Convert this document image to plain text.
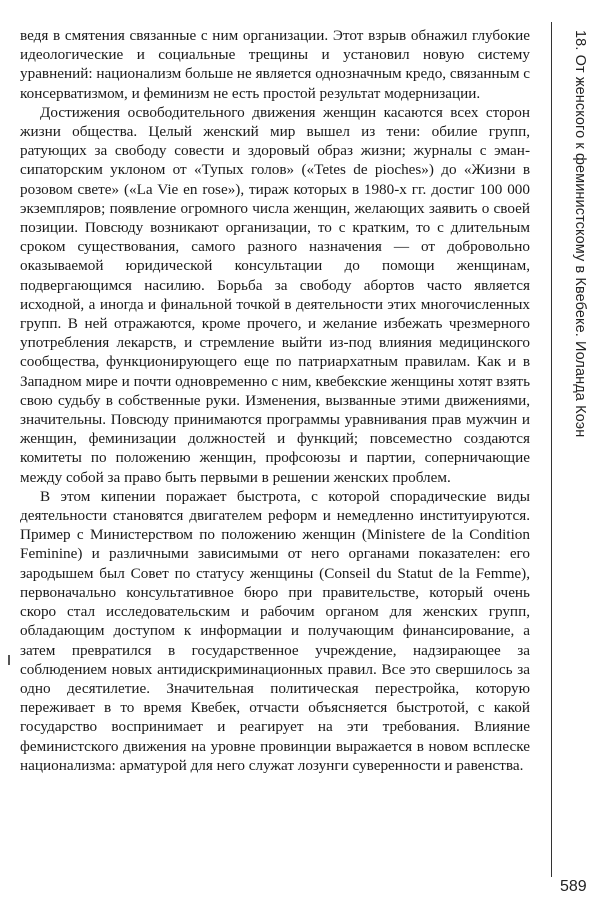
ведя в смятения связанные с ним организации. Этот взрыв обнажил глубокие идеологические и социальные трещины и установил новую систему уравнений: национализм больше не является однозначным кредо, связанным с консерватизмом, и феминизм не есть простой результат модернизации.

Достижения освободительного движения женщин касаются всех сторон жизни общества. Целый женский мир вышел из тени: обилие групп, ратующих за свободу совести и здоровый образ жизни; журналы с эмансипаторским уклоном от «Тупых голов» («Tetes de pioches») до «Жизни в розовом свете» («La Vie en rose»), тираж которых в 1980-х гг. достиг 100 000 экземпляров; появление огромного числа женщин, желающих заявить о своей позиции. Повсюду возникают организации, то с кратким, то с длительным сроком существования, самого разного назначения — от добровольно оказываемой юридической консультации до помощи женщинам, подвергающимся насилию. Борьба за свободу абортов часто является исходной, а иногда и финальной точкой в деятельности этих многочисленных групп. В ней отражаются, кроме прочего, и желание избежать чрезмерного употребления лекарств, и стремление выйти из-под влияния медицинского сообщества, функционирующего еще по патриархатным правилам. Как и в Западном мире и почти одновременно с ним, квебекские женщины хотят взять свою судьбу в собственные руки. Изменения, вызванные этими движениями, значительны. Повсюду принимаются программы уравнивания прав мужчин и женщин, феминизации должностей и функций; повсеместно создаются комитеты по положению женщин, профсоюзы и партии, соперничающие между собой за право быть первыми в решении женских проблем.

В этом кипении поражает быстрота, с которой спорадические виды деятельности становятся двигателем реформ и немедленно институируются. Пример с Министерством по положению женщин (Ministere de la Condition Feminine) и различными зависимыми от него органами показателен: его зародышем был Совет по статусу женщины (Conseil du Statut de la Femme), первоначально консультативное бюро при правительстве, который очень скоро стал исследовательским и рабочим органом для женских групп, обладающим доступом к информации и получающим финансирование, а затем превратился в государственное учреждение, надзирающее за соблюдением новых антидискриминационных правил. Все это свершилось за одно десятилетие. Значительная политическая перестройка, которую переживает в то время Квебек, отчасти объясняется быстротой, с какой государство воспринимает и реагирует на эти требования. Влияние феминистского движения на уровне провинции выражается в новом всплеске национализма: арматурой для него служат лозунги суверенности и равенства.

18. От женского к феминистскому в Квебеке. Иоланда Коэн
589
